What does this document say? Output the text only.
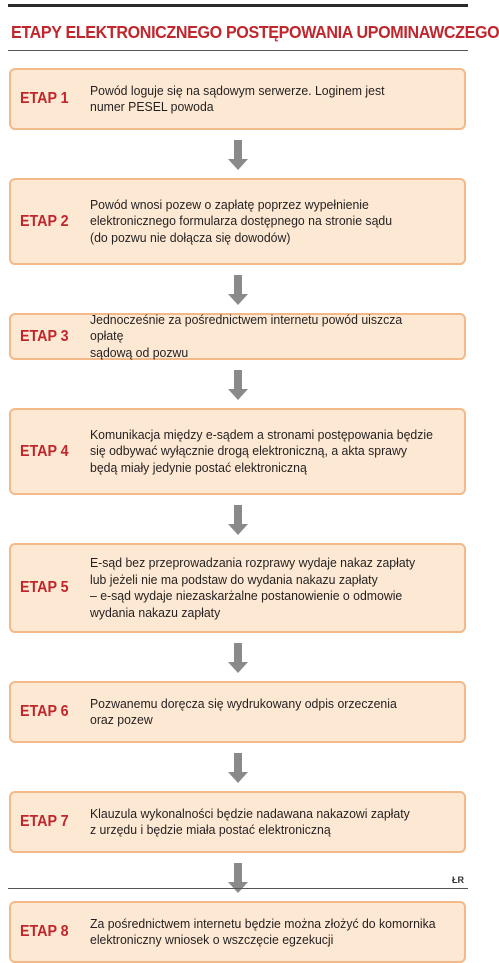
ETAPY ELEKTRONICZNEGO POSTĘPOWANIA UPOMINAWCZEGO
ETAP 1 Powód loguje się na sądowym serwerze. Loginem jest
numer PESEL powoda
ETAP 2
Powód wnosi pozew o zapłatę poprzez wypełnienie
elektronicznego formularza dostępnego na stronie sądu
(do pozwu nie dołącza się dowodów)
ETAP 3
Jednocześnie za pośrednictwem internetu powód uiszcza opłatę
sądową od pozwu
ETAP 4
Komunikacja między e-sądem a stronami postępowania będzie
się odbywać wyłącznie drogą elektroniczną, a akta sprawy
będą miały jedynie postać elektroniczną
ETAP 5
E-sąd bez przeprowadzania rozprawy wydaje nakaz zapłaty
lub jeżeli nie ma podstaw do wydania nakazu zapłaty
– e-sąd wydaje niezaskarżalne postanowienie o odmowie
wydania nakazu zapłaty
ETAP 6 Pozwanemu doręcza się wydrukowany odpis orzeczenia
oraz pozew
ETAP 7 Klauzula wykonalności będzie nadawana nakazowi zapłaty
z urzędu i będzie miała postać elektroniczną
ETAP 8 Za pośrednictwem internetu będzie można złożyć do komornika
elektroniczny wniosek o wszczęcie egzekucji
ŁR
